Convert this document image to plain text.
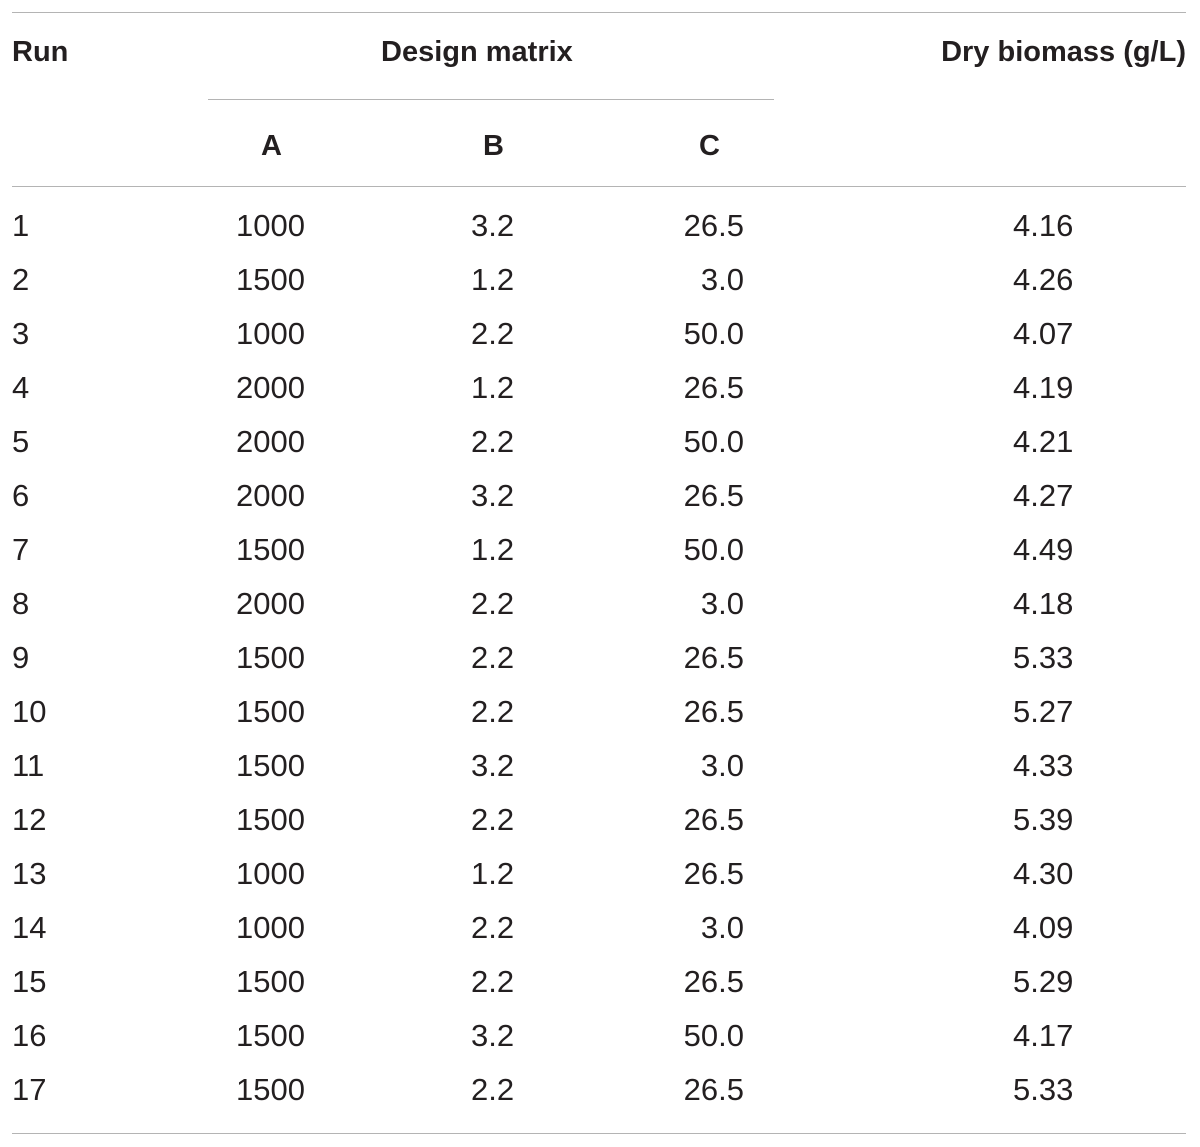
Run	Design matrix	Dry biomass (g/L)
A	B	C
1	1000	3.2	26.5	4.16
2	1500	1.2	3.0	4.26
3	1000	2.2	50.0	4.07
4	2000	1.2	26.5	4.19
5	2000	2.2	50.0	4.21
6	2000	3.2	26.5	4.27
7	1500	1.2	50.0	4.49
8	2000	2.2	3.0	4.18
9	1500	2.2	26.5	5.33
10	1500	2.2	26.5	5.27
11	1500	3.2	3.0	4.33
12	1500	2.2	26.5	5.39
13	1000	1.2	26.5	4.30
14	1000	2.2	3.0	4.09
15	1500	2.2	26.5	5.29
16	1500	3.2	50.0	4.17
17	1500	2.2	26.5	5.33
